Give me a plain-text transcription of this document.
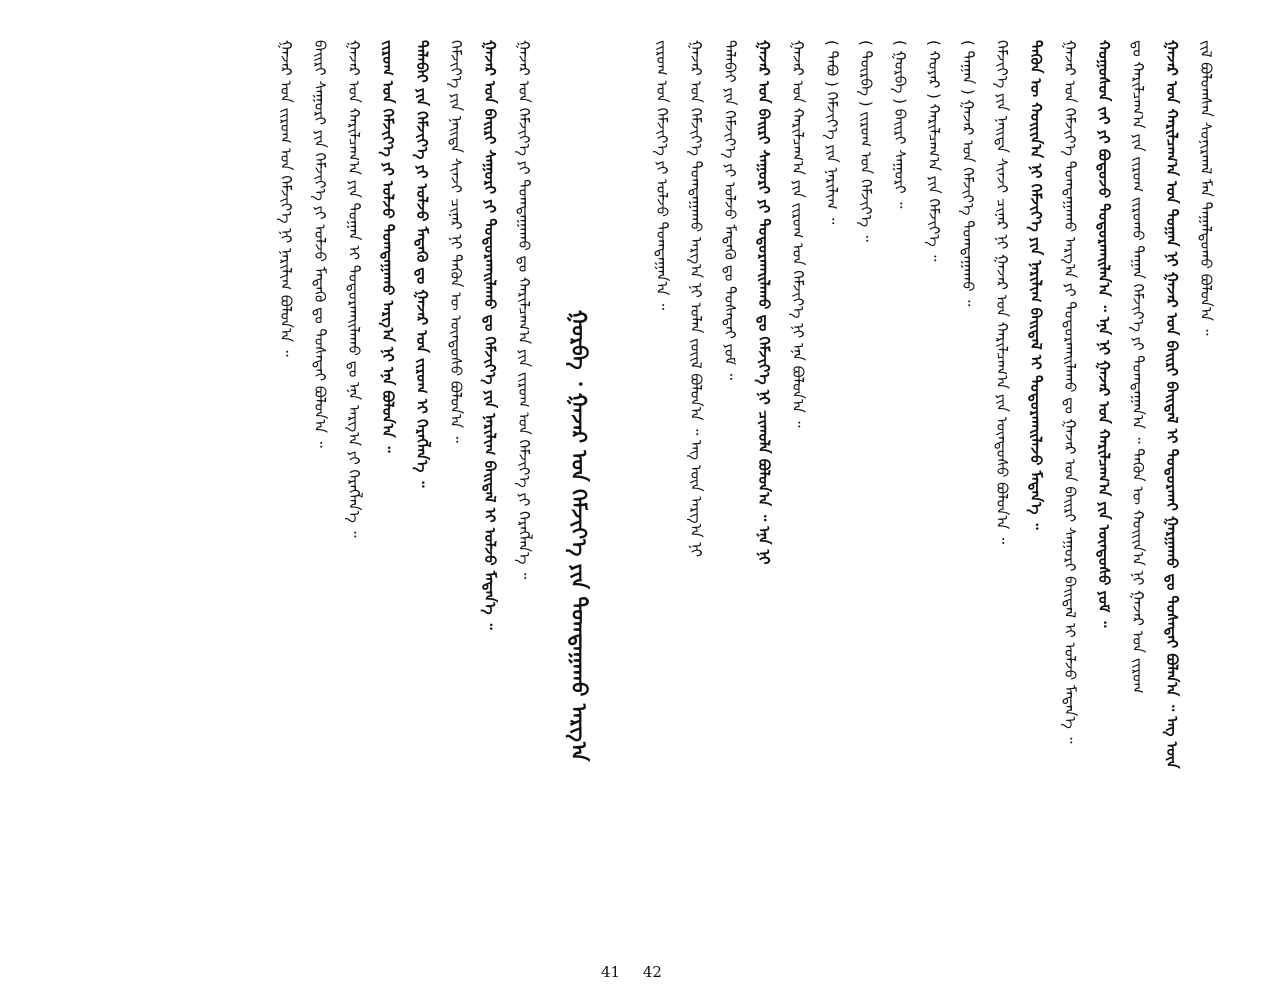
ᠵᠢᠯ ᠪᠣᠯᠤᠭᠰᠠᠨ ᠰᠣᠨᠢᠷᠬᠠᠯ ᠮᠠᠨ᠌ ᠳᠠᠭᠠᠯᠳᠤᠬᠤ ᠪᠣᠯᠤᠨ᠎ᠠ ᠃
ᠭᠠᠵᠠᠷ ᠤᠨ ᠬᠠᠷᠢᠯᠴᠠᠭ᠎ᠠ ᠤᠨ ᠲᠣᠭᠠᠨ ᠨᠢ ᠭᠠᠵᠠᠷ ᠤᠨ ᠪᠠᠢᠷᠢ ᠪᠠᠢᠳᠠᠯ ᠢ ᠲᠣᠳᠣᠷᠬᠠᠢ ᠭᠠᠷᠭᠠᠬᠤ ᠳᠤ ᠲᠤᠰᠠᠲᠠᠢ ᠪᠣᠯᠠᠨ᠎ᠠ ᠃ ᠡᠩ ᠦᠨ
ᠳᠤ ᠬᠠᠷᠢᠯᠴᠠᠭ᠎ᠠ ᠶᠢᠨ ᠵᠢᠷᠤᠭ ᠵᠢᠷᠤᠬᠤ ᠳᠠᠭᠠᠨ ᠬᠡᠮᠵᠢᠶ᠎ᠡ ᠶᠢ ᠲᠣᠭᠲᠠᠭᠠᠨ᠎ᠠ ᠃ ᠲᠡᠭᠦᠨ ᠦ ᠬᠣᠢᠢᠨ᠎ᠠ ᠨᠢ ᠭᠠᠵᠠᠷ ᠤᠨ ᠵᠢᠷᠤᠭ
ᠬᠣᠭᠤᠰᠤᠨ ᠵᠠᠢ ᠶᠢ ᠪᠣᠳᠤᠵᠤ ᠲᠣᠳᠣᠷᠬᠠᠢᠯᠠᠨ᠎ᠠ ᠃ ᠡᠨᠡ ᠨᠢ ᠭᠠᠵᠠᠷ ᠤᠨ ᠬᠠᠷᠢᠯᠴᠠᠭ᠎ᠠ ᠶᠢᠨ ᠦᠨᠳᠦᠰᠦ ᠶᠤᠮ ᠃
ᠭᠠᠵᠠᠷ ᠤᠨ ᠬᠡᠮᠵᠢᠶ᠎ᠡ ᠲᠣᠭᠲᠠᠭᠠᠬᠤ ᠠᠷᠭ᠎ᠠ ᠶᠢ ᠲᠣᠳᠣᠷᠬᠠᠢᠯᠠᠬᠤ ᠳᠤ ᠭᠠᠵᠠᠷ ᠤᠨ ᠪᠠᠢᠷᠢ ᠰᠠᠭᠤᠷᠢ ᠪᠠᠢᠳᠠᠯ ᠢ ᠣᠯᠵᠤ ᠮᠡᠳᠡᠨ᠎ᠡ ᠃
ᠲᠡᠭᠦᠨ ᠦ ᠬᠣᠢᠢᠨ᠎ᠠ ᠨᠢ ᠬᠡᠮᠵᠢᠶ᠎ᠡ ᠶᠢᠨ ᠨᠠᠷᠢᠯᠢᠭ ᠪᠠᠢᠳᠠᠯ ᠢ ᠲᠣᠳᠣᠷᠬᠠᠢᠯᠠᠵᠤ ᠮᠡᠳᠡᠨ᠎ᠡ ᠃
ᠬᠡᠮᠵᠢᠶ᠎ᠡ ᠶᠢᠨ ᠨᠡᠢᠲᠡ ᠰᠢᠨᠵᠢ ᠴᠢᠨᠠᠷ ᠨᠢ ᠭᠠᠵᠠᠷ ᠤᠨ ᠬᠠᠷᠢᠯᠴᠠᠭ᠎ᠠ ᠶᠢᠨ ᠦᠨᠳᠦᠰᠦ ᠪᠣᠯᠤᠨ᠎ᠠ ᠃
( ᠳᠠᠭᠠᠨ ) ᠭᠠᠵᠠᠷ ᠤᠨ ᠬᠡᠮᠵᠢᠶ᠎ᠡ ᠲᠣᠭᠲᠠᠭᠠᠬᠤ ᠃
( ᠬᠣᠶᠠᠷ ) ᠬᠠᠷᠢᠯᠴᠠᠭ᠎ᠠ ᠶᠢᠨ ᠬᠡᠮᠵᠢᠶ᠎ᠡ ᠃
( ᠭᠤᠷᠪᠠ ) ᠪᠠᠢᠷᠢ ᠰᠠᠭᠤᠷᠢ ᠃
( ᠳᠥᠷᠪᠡ ) ᠵᠢᠷᠤᠭ ᠤᠨ ᠬᠡᠮᠵᠢᠶ᠎ᠡ ᠃
( ᠲᠠᠪᠤ ) ᠬᠡᠮᠵᠢᠶ᠎ᠡ ᠶᠢᠨ ᠨᠠᠷᠢᠯᠢᠭ ᠃
ᠭᠠᠵᠠᠷ ᠤᠨ ᠬᠠᠷᠢᠯᠴᠠᠭ᠎ᠠ ᠶᠢᠨ ᠵᠢᠷᠤᠭ ᠤᠨ ᠬᠡᠮᠵᠢᠶ᠎ᠡ ᠨᠢ ᠡᠨᠡ ᠪᠣᠯᠤᠨ᠎ᠠ ᠃
ᠭᠠᠵᠠᠷ ᠤᠨ ᠪᠠᠢᠷᠢ ᠰᠠᠭᠤᠷᠢ ᠶᠢ ᠲᠣᠳᠣᠷᠬᠠᠢᠯᠠᠬᠤ ᠳᠤ ᠬᠡᠮᠵᠢᠶ᠎ᠡ ᠨᠢ ᠴᠢᠬᠤᠯᠠ ᠪᠣᠯᠤᠨ᠎ᠠ ᠃ ᠡᠨᠡ ᠨᠢ
ᠲᠠᠯᠠᠪᠠᠢ ᠶᠢᠨ ᠬᠡᠮᠵᠢᠶ᠎ᠡ ᠶᠢ ᠣᠯᠵᠤ ᠮᠡᠳᠡᠬᠦ ᠳᠤ ᠲᠤᠰᠠᠲᠠᠢ ᠶᠤᠮ ᠃
ᠭᠠᠵᠠᠷ ᠤᠨ ᠬᠡᠮᠵᠢᠶ᠎ᠡ ᠲᠣᠭᠲᠠᠭᠠᠬᠤ ᠠᠷᠭ᠎ᠠ ᠨᠢ ᠣᠯᠠᠨ ᠵᠦᠢᠯ ᠪᠣᠯᠤᠨ᠎ᠠ ᠃ ᠡᠩ ᠦᠨ ᠠᠷᠭ᠎ᠠ ᠨᠢ
ᠵᠢᠷᠤᠭ ᠤᠨ ᠬᠡᠮᠵᠢᠶ᠎ᠡ ᠶᠢ ᠣᠯᠵᠤ ᠲᠣᠭᠲᠠᠭᠠᠨ᠎ᠠ ᠃
ᠭᠤᠷᠪᠠ ᠂ ᠭᠠᠵᠠᠷ ᠤᠨ ᠬᠡᠮᠵᠢᠶ᠎ᠡ ᠶᠢᠨ ᠲᠣᠭᠲᠠᠭᠠᠬᠤ ᠠᠷᠭ᠎ᠠ
ᠭᠠᠵᠠᠷ ᠤᠨ ᠬᠡᠮᠵᠢᠶ᠎ᠡ ᠶᠢ ᠲᠣᠭᠲᠠᠭᠠᠬᠤ ᠳᠤ ᠬᠠᠷᠢᠯᠴᠠᠭ᠎ᠠ ᠶᠢᠨ ᠵᠢᠷᠤᠭ ᠤᠨ ᠬᠡᠮᠵᠢᠶ᠎ᠡ ᠶᠢ ᠬᠡᠷᠡᠭᠯᠡᠨ᠎ᠡ ᠃
ᠭᠠᠵᠠᠷ ᠤᠨ ᠪᠠᠢᠷᠢ ᠰᠠᠭᠤᠷᠢ ᠶᠢ ᠲᠣᠳᠣᠷᠬᠠᠢᠯᠠᠬᠤ ᠳᠤ ᠬᠡᠮᠵᠢᠶ᠎ᠡ ᠶᠢᠨ ᠨᠠᠷᠢᠯᠢᠭ ᠪᠠᠢᠳᠠᠯ ᠢ ᠣᠯᠵᠤ ᠮᠡᠳᠡᠨ᠎ᠡ ᠃
ᠬᠡᠮᠵᠢᠶ᠎ᠡ ᠶᠢᠨ ᠨᠡᠢᠲᠡ ᠰᠢᠨᠵᠢ ᠴᠢᠨᠠᠷ ᠨᠢ ᠲᠡᠭᠦᠨ ᠦ ᠦᠨᠳᠦᠰᠦ ᠪᠣᠯᠤᠨ᠎ᠠ ᠃
ᠲᠠᠯᠠᠪᠠᠢ ᠶᠢᠨ ᠬᠡᠮᠵᠢᠶ᠎ᠡ ᠶᠢ ᠣᠯᠵᠤ ᠮᠡᠳᠡᠬᠦ ᠳᠤ ᠭᠠᠵᠠᠷ ᠤᠨ ᠵᠢᠷᠤᠭ ᠢ ᠬᠡᠷᠡᠭᠯᠡᠨ᠎ᠡ ᠃
ᠵᠢᠷᠤᠭ ᠤᠨ ᠬᠡᠮᠵᠢᠶ᠎ᠡ ᠶᠢ ᠣᠯᠵᠤ ᠲᠣᠭᠲᠠᠭᠠᠬᠤ ᠠᠷᠭ᠎ᠠ ᠨᠢ ᠡᠨᠡ ᠪᠣᠯᠤᠨ᠎ᠠ ᠃
ᠭᠠᠵᠠᠷ ᠤᠨ ᠬᠠᠷᠢᠯᠴᠠᠭ᠎ᠠ ᠶᠢᠨ ᠲᠣᠭᠠᠨ ᠢ ᠲᠣᠳᠣᠷᠬᠠᠢᠯᠠᠬᠤ ᠳᠤ ᠡᠨᠡ ᠠᠷᠭ᠎ᠠ ᠶᠢ ᠬᠡᠷᠡᠭᠯᠡᠨ᠎ᠡ ᠃
ᠪᠠᠢᠷᠢ ᠰᠠᠭᠤᠷᠢ ᠶᠢᠨ ᠬᠡᠮᠵᠢᠶ᠎ᠡ ᠶᠢ ᠣᠯᠵᠤ ᠮᠡᠳᠡᠬᠦ ᠳᠤ ᠲᠤᠰᠠᠲᠠᠢ ᠪᠣᠯᠤᠨ᠎ᠠ ᠃
ᠭᠠᠵᠠᠷ ᠤᠨ ᠵᠢᠷᠤᠭ ᠤᠨ ᠬᠡᠮᠵᠢᠶ᠎ᠡ ᠨᠢ ᠨᠠᠷᠢᠯᠢᠭ ᠪᠣᠯᠤᠨ᠎ᠠ ᠃
41 42
